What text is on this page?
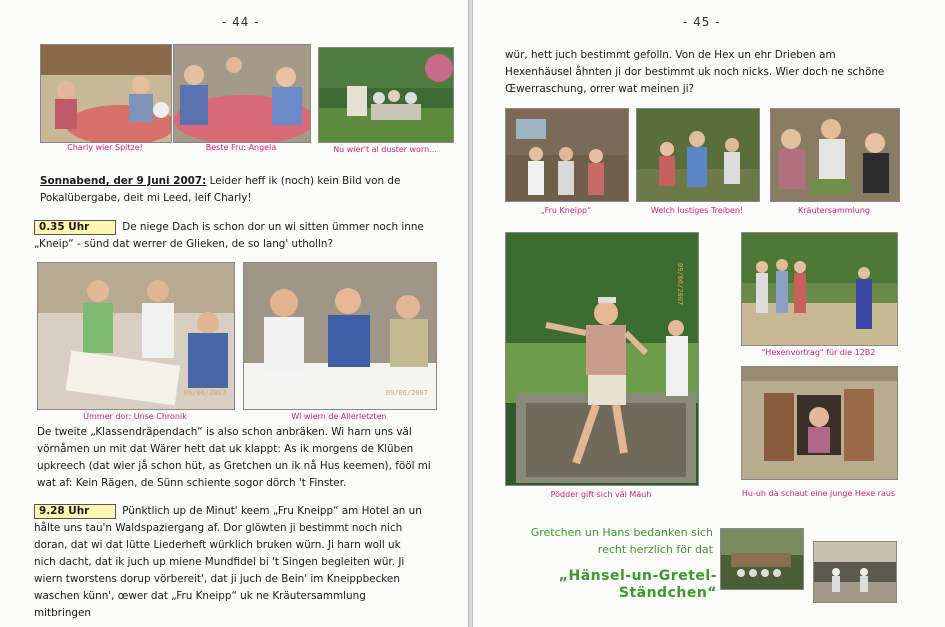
- 44 -
Charly wier Spitze!	Beste Fru: Angela	Nu wier't al duster worn...
Sonnabend, der 9 Juni 2007: Leider heff ik (noch) kein Bild von de Pokalübergabe, deit mi Leed, leif Charly!
0.35 Uhr	De niege Dach is schon dor un wi sitten ümmer noch inne „Kneip“ - sünd dat werrer de Glieken, de so lang' utholln?
09/06/2007
Ümmer dor: Unse Chronik
09/06/2007
Wi wiern de Allerletzten
De tweite „Klassendräpendach“ is also schon anbräken. Wi harn uns väl vörnåmen un mit dat Wärer hett dat uk klappt: As ik morgens de Klüben upkreech (dat wier jå schon hüt, as Gretchen un ik nå Hus keemen), fööl mi wat af: Kein Rägen, de Sünn schiente sogor dörch 't Finster.
9.28 Uhr	Pünktlich up de Minut' keem „Fru Kneipp“ am Hotel an un hålte uns tau'n Waldspaziergang af. Dor glöwten ji bestimmt noch nich doran, dat wi dat lütte Liederheft würklich bruken würn. Ji harn woll uk nich dacht, dat ik juch up miene Mundfidel bi 't Singen begleiten wür. Ji wiern tworstens dorup vörbereit', dat ji juch de Bein' im Kneippbecken waschen künn', œwer dat „Fru Kneipp“ uk ne Kräutersammlung mitbringen
- 45 -
wür, hett juch bestimmt gefolln. Von de Hex un ehr Drieben am Hexenhäusel åhnten ji dor bestimmt uk noch nicks. Wier doch ne schöne Œwerraschung, orrer wat meinen ji?
„Fru Kneipp“	Welch lustiges Treiben!	Kräutersammlung
09/06/2007
Pödder gift sich väl Mäuh
"Hexenvortrag" für die 12B2
Hu-uh da schaut eine junge Hexe raus
Gretchen un Hans bedanken sich
recht herzlich för dat
„Hänsel-un-Gretel-Ständchen“
